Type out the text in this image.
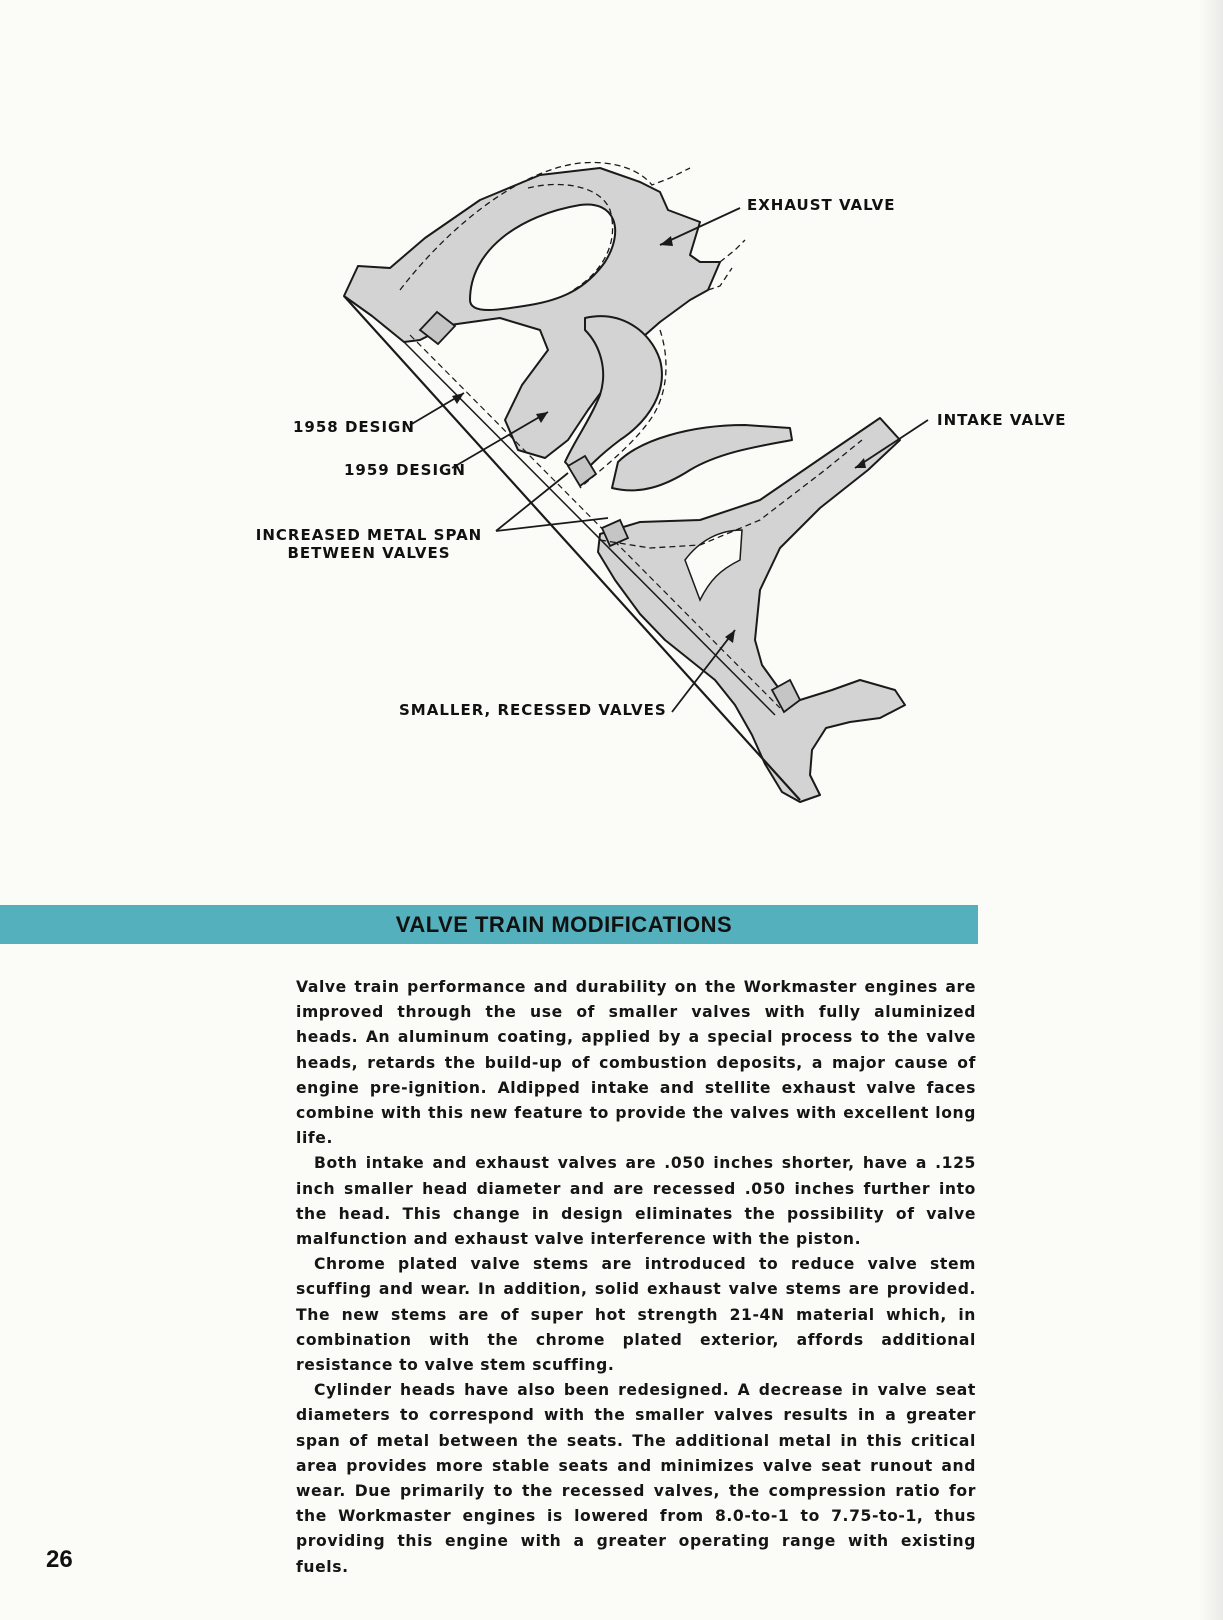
EXHAUST VALVE
INTAKE VALVE
1958 DESIGN
1959 DESIGN
INCREASED METAL SPAN
BETWEEN VALVES
SMALLER, RECESSED VALVES
VALVE TRAIN MODIFICATIONS

Valve train performance and durability on the Workmaster engines are improved through the use of smaller valves with fully aluminized heads. An aluminum coating, applied by a special process to the valve heads, retards the build-up of combustion deposits, a major cause of engine pre-ignition. Aldipped intake and stellite exhaust valve faces combine with this new feature to provide the valves with excellent long life.

Both intake and exhaust valves are .050 inches shorter, have a .125 inch smaller head diameter and are recessed .050 inches further into the head. This change in design eliminates the possibility of valve malfunction and exhaust valve interference with the piston.

Chrome plated valve stems are introduced to reduce valve stem scuffing and wear. In addition, solid exhaust valve stems are provided. The new stems are of super hot strength 21-4N material which, in combination with the chrome plated exterior, affords additional resistance to valve stem scuffing.

Cylinder heads have also been redesigned. A decrease in valve seat diameters to correspond with the smaller valves results in a greater span of metal between the seats. The additional metal in this critical area provides more stable seats and minimizes valve seat runout and wear. Due primarily to the recessed valves, the compression ratio for the Workmaster engines is lowered from 8.0-to-1 to 7.75-to-1, thus providing this engine with a greater operating range with existing fuels.

26
